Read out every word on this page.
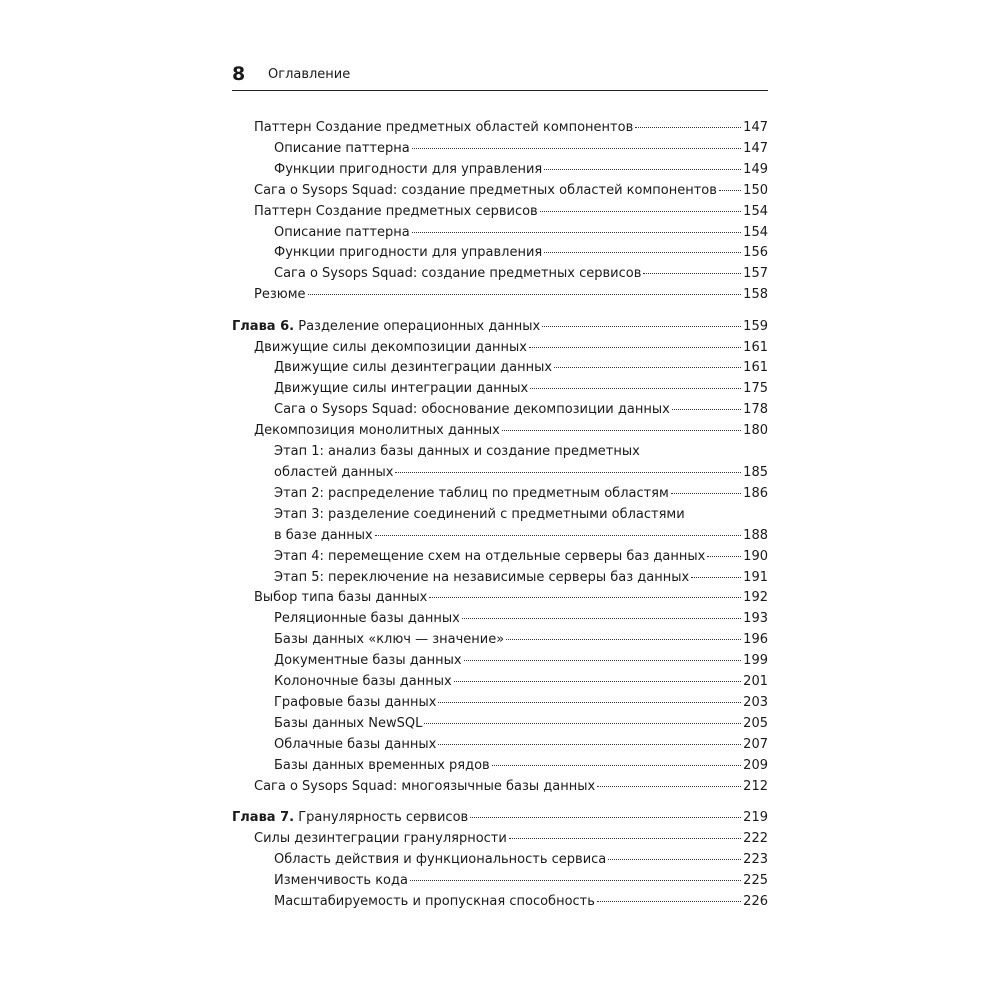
8 Оглавление
Паттерн Создание предметных областей компонентов	147
Описание паттерна	147
Функции пригодности для управления	149
Сага о Sysops Squad: создание предметных областей компонентов 150
Паттерн Создание предметных сервисов	154
Описание паттерна	154
Функции пригодности для управления	156
Сага о Sysops Squad: создание предметных сервисов	157
Резюме	158
Глава 6. Разделение операционных данных	159
Движущие силы декомпозиции данных	161
Движущие силы дезинтеграции данных	161
Движущие силы интеграции данных	175
Сага о Sysops Squad: обоснование декомпозиции данных	178
Декомпозиция монолитных данных	180
Этап 1: анализ базы данных и создание предметных
областей данных	185
Этап 2: распределение таблиц по предметным областям	186
Этап 3: разделение соединений с предметными областями
в базе данных	188
Этап 4: перемещение схем на отдельные серверы баз данных	190
Этап 5: переключение на независимые серверы баз данных	191
Выбор типа базы данных	192
Реляционные базы данных	193
Базы данных «ключ — значение»	196
Документные базы данных	199
Колоночные базы данных	201
Графовые базы данных	203
Базы данных NewSQL	205
Облачные базы данных	207
Базы данных временных рядов	209
Сага о Sysops Squad: многоязычные базы данных	212
Глава 7. Гранулярность сервисов	219
Силы дезинтеграции гранулярности	222
Область действия и функциональность сервиса	223
Изменчивость кода	225
Масштабируемость и пропускная способность	226
